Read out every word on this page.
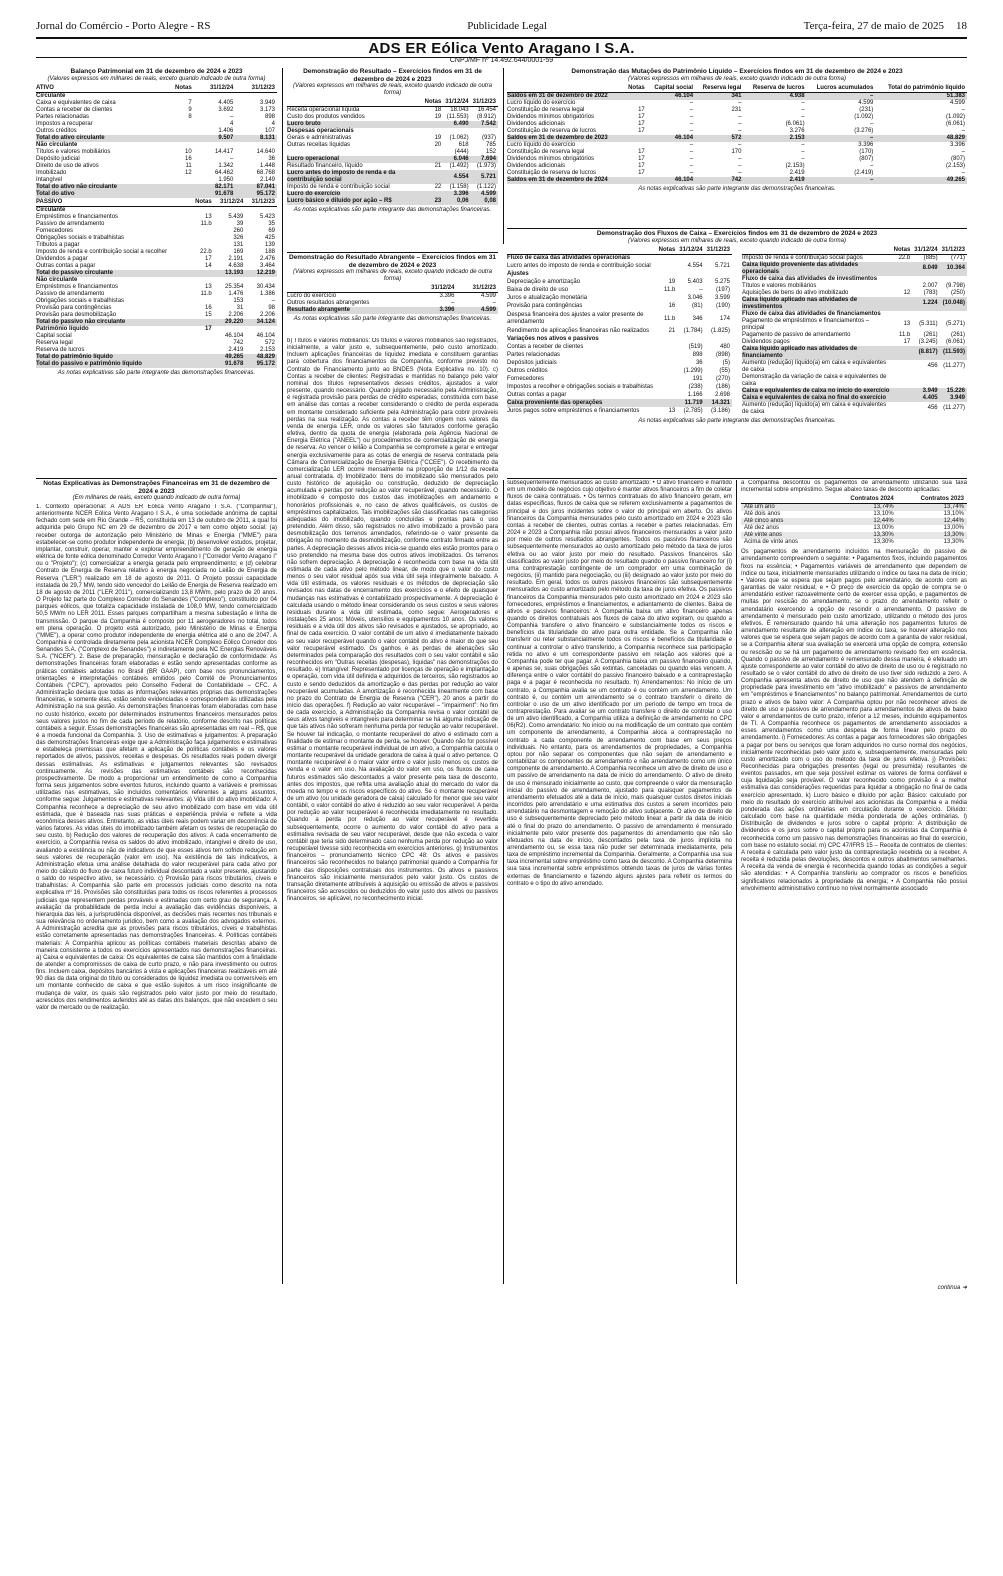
Jornal do Comércio - Porto Alegre - RS	Publicidade Legal	Terça-feira, 27 de maio de 2025 18
ADS ER Eólica Vento Aragano I S.A.
CNPJ/MF nº 14.492.644/0001-59
Balanço Patrimonial em 31 de dezembro de 2024 e 2023
(Valores expressos em milhares de reais, exceto quando indicado de outra forma)
ATIVO	Notas	31/12/24	31/12/23
Circulante			
Caixa e equivalentes de caixa	7	4.405	3.949
Contas a receber de clientes	9	3.692	3.173
Partes relacionadas	8	–	898
Impostos a recuperar		4	4
Outros créditos		1.406	107
Total do ativo circulante		9.507	8.131
Não circulante			
Títulos e valores mobiliários	10	14.417	14.640
Depósito judicial	16	–	36
Direito de uso de ativos	11	1.342	1.448
Imobilizado	12	64.462	68.768
Intangível		1.950	2.149
Total do ativo não circulante		82.171	87.041
Total do ativo		91.678	95.172
PASSIVO	Notas	31/12/24	31/12/23
Circulante			
Empréstimos e financiamentos	13	5.439	5.423
Passivo de arrendamento	11.b	39	35
Fornecedores		260	69
Obrigações sociais e trabalhistas		326	425
Tributos a pagar		131	139
Imposto de renda e contribuição social a recolher	22.b	169	188
Dividendos a pagar	17	2.191	2.476
Outras contas a pagar	14	4.638	3.464
Total do passivo circulante		13.193	12.219
Não circulante			
Empréstimos e financiamentos	13	25.354	30.434
Passivo de arrendamento	11.b	1.476	1.386
Obrigações sociais e trabalhistas		153	–
Provisão para contingências	16	31	98
Provisão para desmobilização	15	2.206	2.206
Total do passivo não circulante		29.220	34.124
Patrimônio líquido	17		
Capital social		46.104	46.104
Reserva legal		742	572
Reserva de lucros		2.419	2.153
Total do patrimônio líquido		49.265	48.829
Total do passivo e patrimônio líquido		91.678	95.172
As notas explicativas são parte integrante das demonstrações financeiras.
Demonstração do Resultado – Exercícios findos em 31 de dezembro de 2024 e 2023
(Valores expressos em milhares de reais, exceto quando indicado de outra forma)
	Notas	31/12/24	31/12/23
Receita operacional líquida	18	18.043	16.454
Custo dos produtos vendidos	19	(11.553)	(8.912)
Lucro bruto		6.490	7.542
Despesas operacionais			
Gerais e administrativas	19	(1.062)	(937)
Outras receitas líquidas	20	618	785
		(444)	152
Lucro operacional		6.046	7.694
Resultado financeiro, líquido	21	(1.492)	(1.973)
Lucro antes do imposto de renda e da contribuição social		4.554	5.721
Imposto de renda e contribuição social	22	(1.158)	(1.122)
Lucro do exercício		3.396	4.599
Lucro básico e diluído por ação – R$	23	0,06	0,08
As notas explicativas são parte integrante das demonstrações financeiras.
Demonstração do Resultado Abrangente – Exercícios findos em 31 de dezembro de 2024 e 2023
(Valores expressos em milhares de reais, exceto quando indicado de outra forma)
	31/12/24	31/12/23
Lucro do exercício	3.396	4.599
Outros resultados abrangentes	–	–
Resultado abrangente	3.396	4.599
As notas explicativas são parte integrante das demonstrações financeiras.
Demonstração das Mutações do Patrimônio Líquido – Exercícios findos em 31 de dezembro de 2024 e 2023
(Valores expressos em milhares de reais, exceto quando indicado de outra forma)
	Notas	Capital social	Reserva legal	Reserva de lucros	Lucros acumulados	Total do patrimônio líquido
Saldos em 31 de dezembro de 2022		46.104	341	4.938	–	51.383
Lucro líquido do exercício		–	–	–	4.599	4.599
Constituição de reserva legal	17	–	231	–	(231)	–
Dividendos mínimos obrigatórios	17	–	–	–	(1.092)	(1.092)
Dividendos adicionais	17	–	–	(6.061)	–	(6.061)
Constituição de reserva de lucros	17	–	–	3.276	(3.276)	–
Saldos em 31 de dezembro de 2023		46.104	572	2.153	–	48.829
Lucro líquido do exercício		–	–	–	3.396	3.396
Constituição de reserva legal	17	–	170	–	(170)	–
Dividendos mínimos obrigatórios	17	–	–	–	(807)	(807)
Dividendos adicionais	17	–	–	(2.153)	–	(2.153)
Constituição de reserva de lucros	17	–	–	2.419	(2.419)	–
Saldos em 31 de dezembro de 2024		46.104	742	2.419	–	49.265
As notas explicativas são parte integrante das demonstrações financeiras.
Demonstração dos Fluxos de Caixa – Exercícios findos em 31 de dezembro de 2024 e 2023
(Valores expressos em milhares de reais, exceto quando indicado de outra forma)
	Notas	31/12/24	31/12/23
Fluxo de caixa das atividades operacionais			
Lucro antes do imposto de renda e contribuição social		4.554	5.721
Ajustes			
Depreciação e amortização	19	5.403	5.275
Baixa de direito de uso	11.b	–	(197)
Juros e atualização monetária		3.046	3.599
Provisão para contingências	16	(81)	(190)
Despesa financeira dos ajustes a valor presente de arrendamento	11.b	346	174
Rendimento de aplicações financeiras não realizados	21	(1.784)	(1.825)
Variações nos ativos e passivos			
Contas a receber de clientes		(519)	480
Partes relacionadas		898	(898)
Depósitos judiciais		36	(5)
Outros créditos		(1.299)	(55)
Fornecedores		191	(270)
Impostos a recolher e obrigações sociais e trabalhistas		(238)	(186)
Outras contas a pagar		1.166	2.698
Caixa proveniente das operações		11.719	14.321
Juros pagos sobre empréstimos e financiamentos	13	(2.785)	(3.186)
	Notas	31/12/24	31/12/23
Imposto de renda e contribuição social pagos	22.b	(885)	(771)
Caixa líquido proveniente das atividades operacionais		8.049	10.364
Fluxo de caixa das atividades de investimentos			
Títulos e valores mobiliários		2.007	(9.798)
Aquisições de bens do ativo imobilizado	12	(783)	(250)
Caixa líquido aplicado nas atividades de investimentos		1.224	(10.048)
Fluxo de caixa das atividades de financiamentos			
Pagamento de empréstimos e financiamentos – principal	13	(5.311)	(5.271)
Pagamento de passivo de arrendamento	11.b	(261)	(261)
Dividendos pagos	17	(3.245)	(6.061)
Caixa líquido aplicado nas atividades de financiamento		(8.817)	(11.593)
Aumento (redução) líquido(a) em caixa e equivalentes de caixa		456	(11.277)
Demonstração da variação de caixa e equivalentes de caixa			
Caixa e equivalentes de caixa no início do exercício		3.949	15.226
Caixa e equivalentes de caixa no final do exercício		4.405	3.949
Aumento (redução) líquido(a) em caixa e equivalentes de caixa		456	(11.277)
As notas explicativas são parte integrante das demonstrações financeiras.
Notas Explicativas às Demonstrações Financeiras em 31 de dezembro de 2024 e 2023
(Em milhares de reais, exceto quando indicado de outra forma)
1. Contexto operacional: A ADS ER Eólica Vento Aragano I S.A. ("Companhia"), anteriormente NCER Eólica Vento Aragano I S.A., é uma sociedade anônima de capital fechado com sede em Rio Grande – RS, constituída em 13 de outubro de 2011, a qual foi adquirida pelo Grupo NC em 29 de dezembro de 2017 e tem como objeto social: (a) receber outorga de autorização pelo Ministério de Minas e Energia ("MME") para estabelecer-se como produtor independente de energia; (b) desenvolver estudos, projetar, implantar, construir, operar, manter e explorar empreendimento de geração de energia elétrica de fonte eólica denominado Corredor Vento Aragano I ("Corredor Vento Aragano I" ou o "Projeto"); (c) comercializar a energia gerada pelo empreendimento; e (d) celebrar Contrato de Energia de Reserva relativo à energia negociada no Leilão de Energia de Reserva ("LER") realizado em 18 de agosto de 2011. O Projeto possui capacidade instalada de 29,7 MW, tendo sido vencedor do Leilão de Energia de Reserva realizado em 18 de agosto de 2011 ("LER 2011"), comercializando 13,8 MWm, pelo prazo de 20 anos. O Projeto faz parte do Complexo Corredor do Senandes ("Complexo"), constituído por 04 parques eólicos, que totaliza capacidade instalada de 108,0 MW, tendo comercializado 50,5 MWm no LER 2011. Esses parques compartilham a mesma subestação e linha de transmissão. O parque da Companhia é composto por 11 aerogeradores no total, todos em plena operação. O projeto está autorizado, pelo Ministério de Minas e Energia ("MME"), a operar como produtor independente de energia elétrica até o ano de 2047. A Companhia é controlada diretamente pela acionista NCER Complexo Eólico Corredor dos Senandes S.A. ("Complexo de Senandes") e indiretamente pela NC Energias Renováveis S.A. ("NCER"). 2. Base de preparação, mensuração e declaração de conformidade: As demonstrações financeiras foram elaboradas e estão sendo apresentadas conforme as práticas contábeis adotadas no Brasil (BR GAAP), com base nos pronunciamentos, orientações e interpretações contábeis emitidos pelo Comitê de Pronunciamentos Contábeis ("CPC"), aprovados pelo Conselho Federal de Contabilidade – CFC. A Administração declara que todas as informações relevantes próprias das demonstrações financeiras, e somente elas, estão sendo evidenciadas e correspondem às utilizadas pela Administração na sua gestão. As demonstrações financeiras foram elaboradas com base no custo histórico, exceto por determinados instrumentos financeiros mensurados pelos seus valores justos no fim de cada período de relatório, conforme descrito nas políticas contábeis a seguir. Essas demonstrações financeiras são apresentadas em real – R$, que é a moeda funcional da Companhia. 3. Uso de estimativas e julgamentos: A preparação das demonstrações financeiras exige que a Administração faça julgamentos e estimativas e estabeleça premissas que afetam a aplicação de políticas contábeis e os valores reportados de ativos, passivos, receitas e despesas. Os resultados reais podem divergir dessas estimativas. As estimativas e julgamentos relevantes são revisados continuamente. As revisões das estimativas contábeis são reconhecidas prospectivamente. De modo a proporcionar um entendimento de como a Companhia forma seus julgamentos sobre eventos futuros, incluindo quanto a variáveis e premissas utilizadas nas estimativas, são incluídos comentários referentes a alguns assuntos, conforme segue: Julgamentos e estimativas relevantes: a) Vida útil do ativo imobilizado: A Companhia reconhece a depreciação de seu ativo imobilizado com base em vida útil estimada, que é baseada nas suas práticas e experiência prévia e reflete a vida econômica desses ativos. Entretanto, as vidas úteis reais podem variar em decorrência de vários fatores. As vidas úteis do imobilizado também afetam os testes de recuperação do seu custo. b) Redução dos valores de recuperação dos ativos: A cada encerramento de exercício, a Companhia revisa os saldos do ativo imobilizado, intangível e direito de uso, avaliando a existência ou não de indicativos de que esses ativos tem sofrido redução em seus valores de recuperação (valor em uso). Na existência de tais indicativos, a Administração efetua uma análise detalhada do valor recuperável para cada ativo por meio do cálculo do fluxo de caixa futuro individual descontado a valor presente, ajustando o saldo do respectivo ativo, se necessário. c) Provisão para riscos tributários, cíveis e trabalhistas: A Companhia são parte em processos judiciais como descrito na nota explicativa nº 16. Provisões são constituídas para todos os riscos referentes a processos judiciais que representem perdas prováveis e estimadas com certo grau de segurança. A avaliação da probabilidade de perda inclui a avaliação das evidências disponíveis, a hierarquia das leis, a jurisprudência disponível, as decisões mais recentes nos tribunais e sua relevância no ordenamento jurídico, bem como a avaliação dos advogados externos. A Administração acredita que as provisões para riscos tributários, cíveis e trabalhistas estão corretamente apresentadas nas demonstrações financeiras. 4. Políticas contábeis materiais: A Companhia aplicou as políticas contábeis materiais descritas abaixo de maneira consistente a todos os exercícios apresentados nas demonstrações financeiras. a) Caixa e equivalentes de caixa: Os equivalentes de caixa são mantidos com a finalidade de atender a compromissos de caixa de curto prazo, e não para investimento ou outros fins. Incluem caixa, depósitos bancários à vista e aplicações financeiras realizáveis em até 90 dias da data original do título ou considerados de liquidez imediata ou conversíveis em um montante conhecido de caixa e que estão sujeitos a um risco insignificante de mudança de valor, os quais são registrados pelo valor justo por meio do resultado, acrescidos dos rendimentos auferidos até as datas dos balanços, que não excedem o seu valor de mercado ou de realização.
b) Títulos e valores mobiliários: Os títulos e valores mobiliários são registrados, inicialmente, a valor justo e, subsequentemente, pelo custo amortizado. Incluem aplicações financeiras de liquidez imediata e constituem garantias para cobertura dos financiamentos da Companhia, conforme previsto no Contrato de Financiamento junto ao BNDES (Nota Explicativa no. 10). c) Contas a receber de clientes: Registradas e mantidas no balanço pelo valor nominal dos títulos representativos desses créditos, ajustados a valor presente, quando necessário. Quando julgado necessário pela Administração, é registrada provisão para perdas de crédito esperadas, constituída com base em análise das contas a receber considerando o crédito de perda esperada em montante considerado suficiente pela Administração para cobrir prováveis perdas na sua realização. As contas a receber têm origem nos valores da venda de energia LER, onde os valores são faturados conforme geração efetiva, dentro da quota de energia (elaborada pela Agência Nacional de Energia Elétrica ("ANEEL") ou procedimentos de comercialização de energia de reserva. Ao vencer o leilão a Companhia se compromete a gerar e entregar energia exclusivamente para as cotas de energia de reserva contratada pela Câmara de Comercialização de Energia Elétrica ("CCEE"). O recebimento da comercialização LER ocorre mensalmente na proporção de 1/12 da receita anual contratada. d) Imobilizado: Itens do imobilizado são mensurados pelo custo histórico de aquisição ou construção, deduzido de depreciação acumulada e perdas por redução ao valor recuperável, quando necessário. O imobilizado é composto dos custos das imobilizações em andamento e honorários profissionais e, no caso de ativos qualificáveis, os custos de empréstimos capitalizados. Tais imobilizações são classificadas nas categorias adequadas do imobilizado, quando concluídas e prontas para o uso pretendido. Além disso, são registrados no ativo imobilizado a provisão para desmobilização dos terrenos arrendados, referindo-se o valor presente da obrigação no momento da desmobilização, conforme contrato firmado entre as partes. A depreciação desses ativos inicia-se quando eles estão prontos para o uso pretendido na mesma base dos outros ativos imobilizados. Os terrenos não sofrem depreciação. A depreciação é reconhecida com base na vida útil estimada de cada ativo pelo método linear, de modo que o valor do custo menos o seu valor residual após sua vida útil seja integralmente baixado. A vida útil estimada, os valores residuais e os métodos de depreciação são revisados nas datas de encerramento dos exercícios e o efeito de quaisquer mudanças nas estimativas é contabilizado prospectivamente. A depreciação é calculada usando o método linear considerando os seus custos e seus valores residuais durante a vida útil estimada, como segue: Aerogeradores e instalações 25 anos; Móveis, utensílios e equipamentos 10 anos. Os valores residuais e a vida útil dos ativos são revisados e ajustados, se apropriado, ao final de cada exercício. O valor contábil de um ativo é imediatamente baixado ao seu valor recuperável quando o valor contábil do ativo é maior do que seu valor recuperável estimado. Os ganhos e as perdas de alienações são determinados pela comparação dos resultados com o seu valor contábil e são reconhecidos em "Outras receitas (despesas), líquidas" nas demonstrações do resultado. e) Intangível: Representado por licenças de operação e implantação e operação, com vida útil definida e adquiridos de terceiros, são registrados ao custo e sendo deduzidos da amortização e das perdas por redução ao valor recuperável acumuladas. A amortização é reconhecida linearmente com base no prazo do Contrato de Energia de Reserva ("CER"), 20 anos a partir do início das operações. f) Redução ao valor recuperável – "impairment": No fim de cada exercício, a Administração da Companhia revisa o valor contábil de seus ativos tangíveis e intangíveis para determinar se há alguma indicação de que tais ativos não sofreram nenhuma perda por redução ao valor recuperável. Se houver tal indicação, o montante recuperável do ativo é estimado com a finalidade de estimar o montante de perda, se houver. Quando não for possível estimar o montante recuperável individual de um ativo, a Companhia calcula o montante recuperável da unidade geradora de caixa à qual o ativo pertence. O montante recuperável é o maior valor entre o valor justo menos os custos de venda e o valor em uso. Na avaliação do valor em uso, os fluxos de caixa futuros estimados são descontados a valor presente pela taxa de desconto, antes dos impostos, que reflita uma avaliação atual do mercado do valor da moeda no tempo e os riscos específicos do ativo. Se o montante recuperável de um ativo (ou unidade geradora de caixa) calculado for menor que seu valor contábil, o valor contábil do ativo é reduzido ao seu valor recuperável. A perda por redução ao valor recuperável é reconhecida imediatamente no resultado. Quando a perda por redução ao valor recuperável é revertida subsequentemente, ocorre o aumento do valor contábil do ativo para a estimativa revisada de seu valor recuperável, desde que não exceda o valor contábil que teria sido determinado caso nenhuma perda por redução ao valor recuperável tivesse sido reconhecida em exercícios anteriores. g) Instrumentos financeiros – pronunciamento técnico CPC 48: Os ativos e passivos financeiros são reconhecidos no balanço patrimonial quando a Companhia for parte das disposições contratuais dos instrumentos. Os ativos e passivos financeiros são inicialmente mensurados pelo valor justo. Os custos de transação diretamente atribuíveis à aquisição ou emissão de ativos e passivos financeiros são acrescidos ou deduzidos do valor justo dos ativos ou passivos financeiros, se aplicável, no reconhecimento inicial.
subsequentemente mensurados ao custo amortizado: • O ativo financeiro é mantido em um modelo de negócios cujo objetivo é manter ativos financeiros a fim de coletar fluxos de caixa contratuais. • Os termos contratuais do ativo financeiro geram, em datas específicas, fluxos de caixa que se referem exclusivamente a pagamentos de principal e dos juros incidentes sobre o valor do principal em aberto. Os ativos financeiros da Companhia mensurados pelo custo amortizado em 2024 e 2023 são contas a receber de clientes, outras contas a receber e partes relacionadas. Em 2024 e 2023 a Companhia não possui ativos financeiros mensurados a valor justo por meio de outros resultados abrangentes. Todos os passivos financeiros são subsequentemente mensurados ao custo amortizado pelo método da taxa de juros efetiva ou ao valor justo por meio do resultado. Passivos financeiros são classificados ao valor justo por meio do resultado quando o passivo financeiro for (i) uma contraprestação contingente de um comprador em uma combinação de negócios, (ii) mantido para negociação, ou (iii) designado ao valor justo por meio do resultado. Em geral, todos os outros passivos financeiros são subsequentemente mensurados ao custo amortizado pelo método da taxa de juros efetiva. Os passivos financeiros da Companhia mensurados pelo custo amortizado em 2024 e 2023 são fornecedores, empréstimos e financiamentos, e adiantamento de clientes. Baixa de ativos e passivos financeiros: A Companhia baixa um ativo financeiro apenas quando os direitos contratuais aos fluxos de caixa do ativo expiram, ou quando a Companhia transfere o ativo financeiro e substancialmente todos os riscos e benefícios da titularidade do ativo para outra entidade. Se a Companhia não transferir ou reter substancialmente todos os riscos e benefícios da titularidade e continuar a controlar o ativo transferido, a Companhia reconhece sua participação retida no ativo e um correspondente passivo em relação aos valores que a Companhia pode ter que pagar. A Companhia baixa um passivo financeiro quando, e apenas se, suas obrigações são extintas, canceladas ou quando elas vencem. A diferença entre o valor contábil do passivo financeiro baixado e a contraprestação paga e a pagar é reconhecida no resultado. h) Arrendamentos: No início de um contrato, a Companhia avalia se um contrato é ou contém um arrendamento. Um contrato é, ou contém um arrendamento se o contrato transferir o direito de controlar o uso de um ativo identificado por um período de tempo em troca de contraprestação. Para avaliar se um contrato transfere o direito de controlar o uso de um ativo identificado, a Companhia utiliza a definição de arrendamento no CPC 06(R2). Como arrendatário: No início ou na modificação de um contrato que contém um componente de arrendamento, a Companhia aloca a contraprestação no contrato a cada componente de arrendamento com base em seus preços individuais. No entanto, para os arrendamentos de propriedades, a Companhia optou por não separar os componentes que não sejam de arrendamento e contabilizar os componentes de arrendamento e não arrendamento como um único componente de arrendamento. A Companhia reconhece um ativo de direito de uso e um passivo de arrendamento na data de início do arrendamento. O ativo de direito de uso é mensurado inicialmente ao custo, que compreende o valor da mensuração inicial do passivo de arrendamento, ajustado para quaisquer pagamentos de arrendamento efetuados até a data de início, mais quaisquer custos diretos iniciais incorridos pelo arrendatário e uma estimativa dos custos a serem incorridos pelo arrendatário na desmontagem e remoção do ativo subjacente. O ativo de direito de uso é subsequentemente depreciado pelo método linear a partir da data de início até o final do prazo do arrendamento. O passivo de arrendamento é mensurado inicialmente pelo valor presente dos pagamentos do arrendamento que não são efetuados na data de início, descontados pela taxa de juros implícita no arrendamento ou, se essa taxa não puder ser determinada imediatamente, pela taxa de empréstimo incremental da Companhia. Geralmente, a Companhia usa sua taxa incremental sobre empréstimo como taxa de desconto. A Companhia determina sua taxa incremental sobre empréstimos obtendo taxas de juros de várias fontes externas de financiamento e fazendo alguns ajustes para refletir os termos do contrato e o tipo do ativo arrendado.
a Companhia descontou os pagamentos de arrendamento utilizando sua taxa incremental sobre empréstimo. Segue abaixo taxas de desconto aplicadas:
	Contratos 2024	Contratos 2023
Até um ano	13,74%	13,74%
Até dois anos	13,10%	13,10%
Até cinco anos	12,44%	12,44%
Até dez anos	13,00%	13,00%
Até vinte anos	13,30%	13,30%
Acima de vinte anos	13,30%	13,30%
Os pagamentos de arrendamento incluídos na mensuração do passivo de arrendamento compreendem o seguinte: • Pagamentos fixos, incluindo pagamentos fixos na essência; • Pagamentos variáveis de arrendamento que dependem de índice ou taxa, inicialmente mensurados utilizando o índice ou taxa na data de início; • Valores que se espera que sejam pagos pelo arrendatário, de acordo com as garantias de valor residual; e • O preço de exercício da opção de compra se o arrendatário estiver razoavelmente certo de exercer essa opção, e pagamentos de multas por rescisão do arrendamento, se o prazo do arrendamento refletir o arrendatário exercendo a opção de rescindir o arrendamento. O passivo de arrendamento é mensurado pelo custo amortizado, utilizando o método dos juros efetivos. É remensurado quando há uma alteração nos pagamentos futuros de arrendamento resultante de alteração em índice ou taxa, se houver alteração nos valores que se espera que sejam pagos de acordo com a garantia de valor residual, se a Companhia alterar sua avaliação se exercerá uma opção de compra, extensão ou rescisão ou se há um pagamento de arrendamento revisado fixo em essência. Quando o passivo de arrendamento é remensurado dessa maneira, é efetuado um ajuste correspondente ao valor contábil do ativo de direito de uso ou é registrado no resultado se o valor contábil do ativo de direito de uso tiver sido reduzido a zero. A Companhia apresenta ativos de direito de uso que não atendem à definição de propriedade para investimento em "ativo imobilizado" e passivos de arrendamento em "empréstimos e financiamentos" no balanço patrimonial. Arrendamentos de curto prazo e ativos de baixo valor: A Companhia optou por não reconhecer ativos de direito de uso e passivos de arrendamento para arrendamentos de ativos de baixo valor e arrendamentos de curto prazo, inferior a 12 meses, incluindo equipamentos de TI. A Companhia reconhece os pagamentos de arrendamento associados a esses arrendamentos como uma despesa de forma linear pelo prazo do arrendamento. i) Fornecedores: As contas a pagar aos fornecedores são obrigações a pagar por bens ou serviços que foram adquiridos no curso normal dos negócios, inicialmente reconhecidas pelo valor justo e, subsequentemente, mensuradas pelo custo amortizado com o uso do método da taxa de juros efetiva. j) Provisões: Reconhecidas para obrigações presentes (legal ou presumida) resultantes de eventos passados, em que seja possível estimar os valores de forma confiável e cuja liquidação seja provável. O valor reconhecido como provisão é a melhor estimativa das considerações requeridas para liquidar a obrigação no final de cada exercício apresentado. k) Lucro básico e diluído por ação: Básico: calculado por meio do resultado do exercício atribuível aos acionistas da Companhia e a média ponderada das ações ordinárias em circulação durante o exercício. Diluído: calculado com base na quantidade média ponderada de ações ordinárias. l) Distribuição de dividendos e juros sobre o capital próprio: A distribuição de dividendos e os juros sobre o capital próprio para os acionistas da Companhia é reconhecida como um passivo nas demonstrações financeiras ao final do exercício, com base no estatuto social. m) CPC 47/IFRS 15 – Receita de contratos de clientes: A receita é calculada pelo valor justo da contraprestação recebida ou a receber. A receita é reduzida pelas devoluções, descontos e outros abatimentos semelhantes. A receita da venda de energia é reconhecida quando todas as condições a seguir são atendidas: • A Companhia transferiu ao comprador os riscos e benefícios significativos relacionados à propriedade da energia; • A Companhia não possui envolvimento administrativo contínuo no nível normalmente associado
continua ➜
